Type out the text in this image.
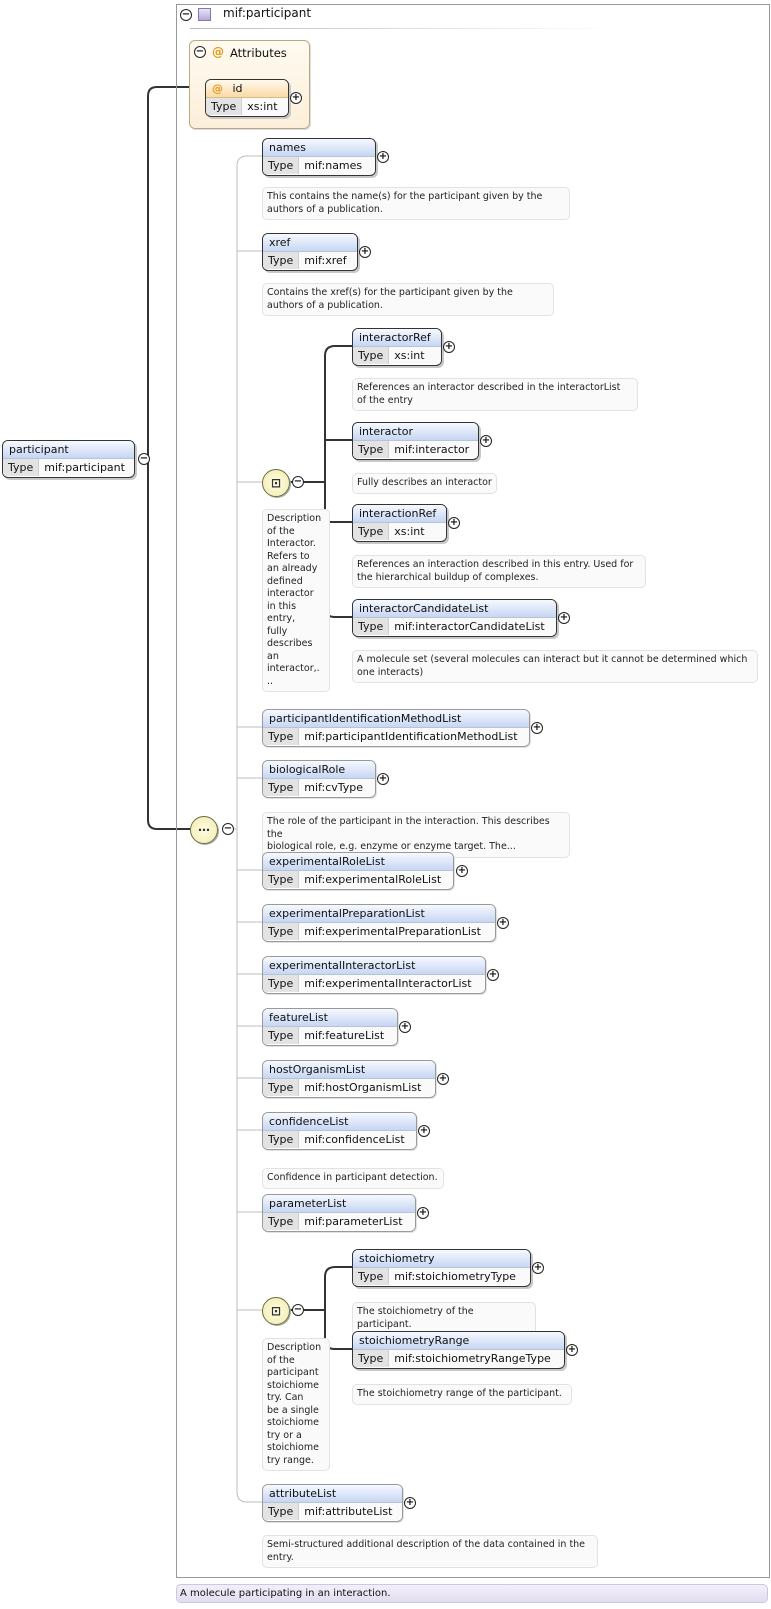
−	mif:participant
− @ Attributes
@ id
Type	xs:int
+
participant
Type	mif:participant
−
⋯	−
names
Type	mif:names
+
This contains the name(s) for the participant given by the
authors of a publication.
xref
Type	mif:xref
+
Contains the xref(s) for the participant given by the
authors of a publication.
⊡	−
Description
of the
Interactor.
Refers to
an already
defined
interactor
in this
entry,
fully
describes
an
interactor,.
..
interactorRef
Type	xs:int
+
References an interactor described in the interactorList
of the entry
interactor
Type	mif:interactor
+
Fully describes an interactor
interactionRef
Type	xs:int
+
References an interaction described in this entry. Used for
the hierarchical buildup of complexes.
interactorCandidateList
Type	mif:interactorCandidateList
+
A molecule set (several molecules can interact but it cannot be determined which
one interacts)
participantIdentificationMethodList
Type	mif:participantIdentificationMethodList
+
biologicalRole
Type	mif:cvType
+
The role of the participant in the interaction. This describes the
biological role, e.g. enzyme or enzyme target. The...
experimentalRoleList
Type	mif:experimentalRoleList
+
experimentalPreparationList
Type	mif:experimentalPreparationList
+
experimentalInteractorList
Type	mif:experimentalInteractorList
+
featureList
Type	mif:featureList
+
hostOrganismList
Type	mif:hostOrganismList
+
confidenceList
Type	mif:confidenceList
+
Confidence in participant detection.
parameterList
Type	mif:parameterList
+
⊡	−
Description
of the
participant
stoichiome
try. Can
be a single
stoichiome
try or a
stoichiome
try range.
stoichiometry
Type	mif:stoichiometryType
+
The stoichiometry of the participant.
stoichiometryRange
Type	mif:stoichiometryRangeType
+
The stoichiometry range of the participant.
attributeList
Type	mif:attributeList
+
Semi-structured additional description of the data contained in the
entry.
A molecule participating in an interaction.
